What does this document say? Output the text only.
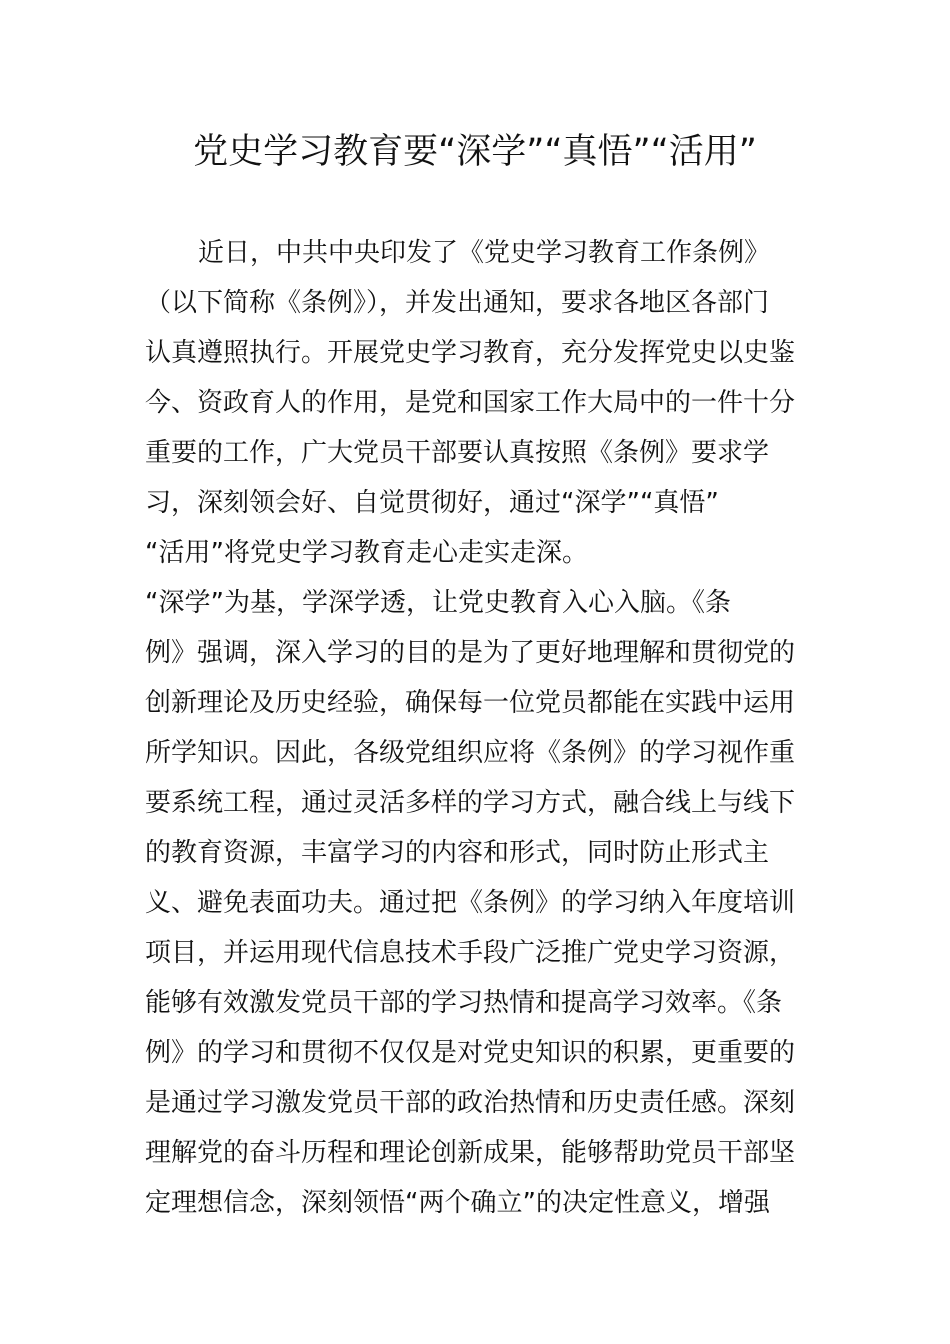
党史学习教育要“深学”“真悟”“活用”

近日，中共中央印发了《党史学习教育工作条例》

（以下简称《条例》），并发出通知，要求各地区各部门

认真遵照执行。开展党史学习教育，充分发挥党史以史鉴

今、资政育人的作用，是党和国家工作大局中的一件十分

重要的工作，广大党员干部要认真按照《条例》要求学

习，深刻领会好、自觉贯彻好，通过“深学”“真悟”

“活用”将党史学习教育走心走实走深。

“深学”为基，学深学透，让党史教育入心入脑。《条

例》强调，深入学习的目的是为了更好地理解和贯彻党的

创新理论及历史经验，确保每一位党员都能在实践中运用

所学知识。因此，各级党组织应将《条例》的学习视作重

要系统工程，通过灵活多样的学习方式，融合线上与线下

的教育资源，丰富学习的内容和形式，同时防止形式主

义、避免表面功夫。通过把《条例》的学习纳入年度培训

项目，并运用现代信息技术手段广泛推广党史学习资源，

能够有效激发党员干部的学习热情和提高学习效率。《条

例》的学习和贯彻不仅仅是对党史知识的积累，更重要的

是通过学习激发党员干部的政治热情和历史责任感。深刻

理解党的奋斗历程和理论创新成果，能够帮助党员干部坚

定理想信念，深刻领悟“两个确立”的决定性意义，增强
